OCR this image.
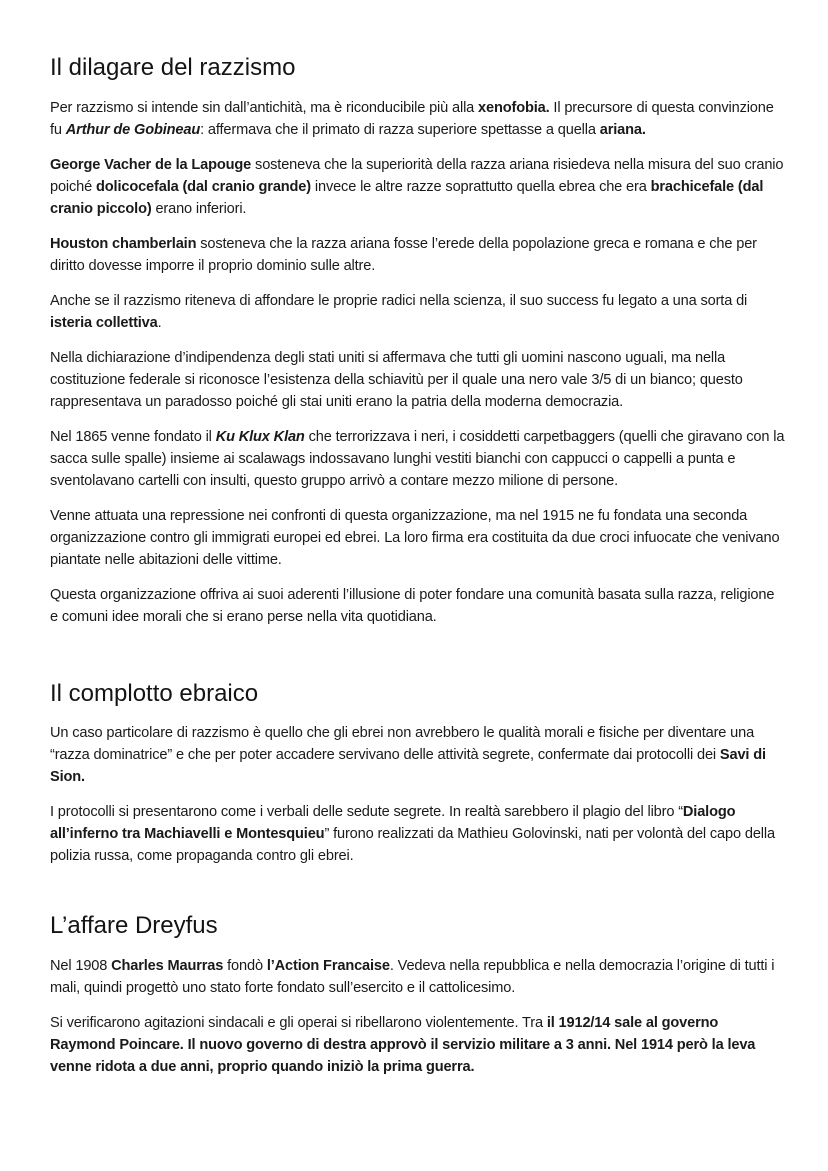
Il dilagare del razzismo

Per razzismo si intende sin dall’antichità, ma è riconducibile più alla xenofobia. Il precursore di questa convinzione fu Arthur de Gobineau: affermava che il primato di razza superiore spettasse a quella ariana.

George Vacher de la Lapouge sosteneva che la superiorità della razza ariana risiedeva nella misura del suo cranio poiché dolicocefala (dal cranio grande) invece le altre razze soprattutto quella ebrea che era brachicefale (dal cranio piccolo) erano inferiori.

Houston chamberlain sosteneva che la razza ariana fosse l’erede della popolazione greca e romana e che per diritto dovesse imporre il proprio dominio sulle altre.

Anche se il razzismo riteneva di affondare le proprie radici nella scienza, il suo success fu legato a una sorta di isteria collettiva.

Nella dichiarazione d’indipendenza degli stati uniti si affermava che tutti gli uomini nascono uguali, ma nella costituzione federale si riconosce l’esistenza della schiavitù per il quale una nero vale 3/5 di un bianco; questo rappresentava un paradosso poiché gli stai uniti erano la patria della moderna democrazia.

Nel 1865 venne fondato il Ku Klux Klan che terrorizzava i neri, i cosiddetti carpetbaggers (quelli che giravano con la sacca sulle spalle) insieme ai scalawags indossavano lunghi vestiti bianchi con cappucci o cappelli a punta e sventolavano cartelli con insulti, questo gruppo arrivò a contare mezzo milione di persone.

Venne attuata una repressione nei confronti di questa organizzazione, ma nel 1915 ne fu fondata una seconda organizzazione contro gli immigrati europei ed ebrei. La loro firma era costituita da due croci infuocate che venivano piantate nelle abitazioni delle vittime.

Questa organizzazione offriva ai suoi aderenti l’illusione di poter fondare una comunità basata sulla razza, religione e comuni idee morali che si erano perse nella vita quotidiana.

Il complotto ebraico

Un caso particolare di razzismo è quello che gli ebrei non avrebbero le qualità morali e fisiche per diventare una “razza dominatrice” e che per poter accadere servivano delle attività segrete, confermate dai protocolli dei Savi di Sion.

I protocolli si presentarono come i verbali delle sedute segrete. In realtà sarebbero il plagio del libro “Dialogo all’inferno tra Machiavelli e Montesquieu” furono realizzati da Mathieu Golovinski, nati per volontà del capo della polizia russa, come propaganda contro gli ebrei.

L’affare Dreyfus

Nel 1908 Charles Maurras fondò l’Action Francaise. Vedeva nella repubblica e nella democrazia l’origine di tutti i mali, quindi progettò uno stato forte fondato sull’esercito e il cattolicesimo.

Si verificarono agitazioni sindacali e gli operai si ribellarono violentemente. Tra il 1912/14 sale al governo Raymond Poincare. Il nuovo governo di destra approvò il servizio militare a 3 anni. Nel 1914 però la leva venne ridota a due anni, proprio quando iniziò la prima guerra.
